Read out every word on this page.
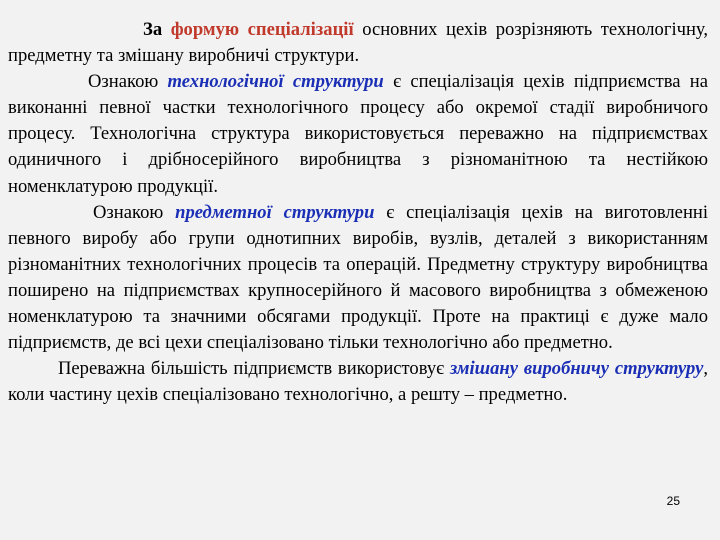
За формую спеціалізації основних цехів розрізняють технологічну, предметну та змішану виробничі структури.

Ознакою технологічної структури є спеціалізація цехів підприємства на виконанні певної частки технологічного процесу або окремої стадії виробничого процесу. Технологічна структура використовується переважно на підприємствах одиничного і дрібносерійного виробництва з різноманітною та нестійкою номенклатурою продукції.

Ознакою предметної структури є спеціалізація цехів на виготовленні певного виробу або групи однотипних виробів, вузлів, деталей з використанням різноманітних технологічних процесів та операцій. Предметну структуру виробництва поширено на підприємствах крупносерійного й масового виробництва з обмеженою номенклатурою та значними обсягами продукції. Проте на практиці є дуже мало підприємств, де всі цехи спеціалізовано тільки технологічно або предметно.

Переважна більшість підприємств використовує змішану виробничу структуру, коли частину цехів спеціалізовано технологічно, а решту – предметно.

25
